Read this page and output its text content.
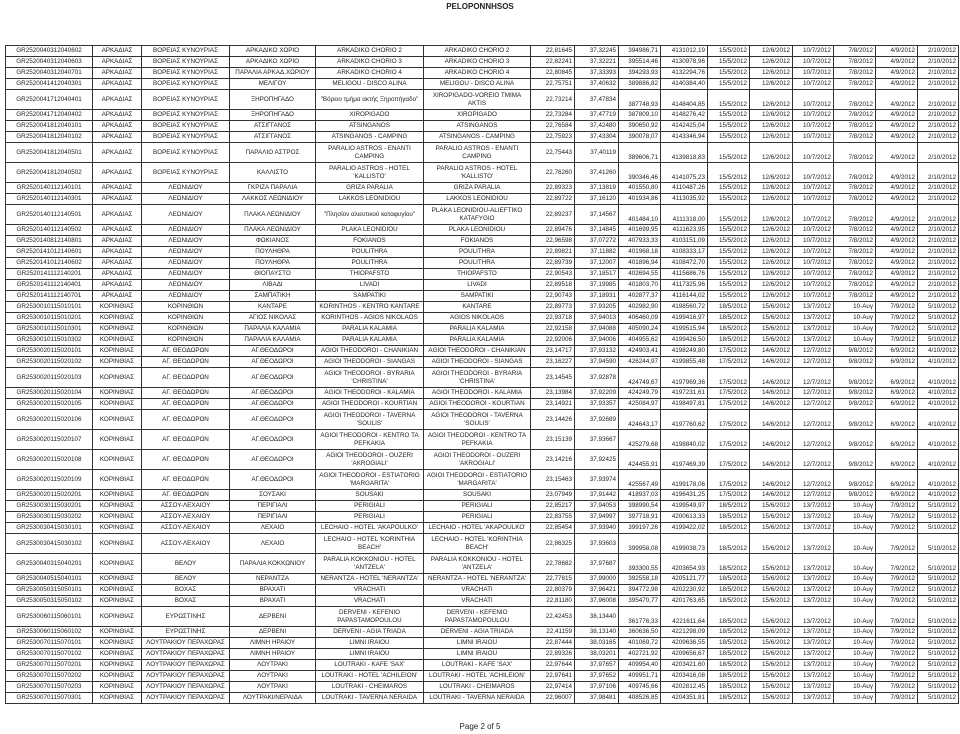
PELOPONNHSOS
GR2520040312040602	ΑΡΚΑΔΙΑΣ	ΒΟΡΕΙΑΣ ΚΥΝΟΥΡΙΑΣ	ΑΡΚΑΔΙΚΟ ΧΩΡΙΟ	ARKADIKO CHORIO 2	ARKADIKO CHORIO 2	22,81645	37,32245	394986,71	4131012,19	15/5/2012	12/6/2012	10/7/2012	7/8/2012	4/9/2012	2/10/2012
GR2520040312040603	ΑΡΚΑΔΙΑΣ	ΒΟΡΕΙΑΣ ΚΥΝΟΥΡΙΑΣ	ΑΡΚΑΔΙΚΟ ΧΩΡΙΟ	ARKADIKO CHORIO 3	ARKADIKO CHORIO 3	22,82241	37,32221	395514,46	4130978,96	15/5/2012	12/6/2012	10/7/2012	7/8/2012	4/9/2012	2/10/2012
GR2520040312040701	ΑΡΚΑΔΙΑΣ	ΒΟΡΕΙΑΣ ΚΥΝΟΥΡΙΑΣ	ΠΑΡΑΛΙΑ ΑΡΚΑΔ.ΧΩΡΙΟΥ	ARKADIKO CHORIO 4	ARKADIKO CHORIO 4	22,80845	37,33393	394293,93	4132294,76	15/5/2012	12/6/2012	10/7/2012	7/8/2012	4/9/2012	2/10/2012
GR2520041412040301	ΑΡΚΑΔΙΑΣ	ΒΟΡΕΙΑΣ ΚΥΝΟΥΡΙΑΣ	ΜΕΛΙΓΟΥ	MELIGOU - DISCO ALINA	MELIGOU - DISCO ALINA	22,75751	37,40632	389886,82	4140384,40	15/5/2012	12/6/2012	10/7/2012	7/8/2012	4/9/2012	2/10/2012
GR2520041712040401	ΑΡΚΑΔΙΑΣ	ΒΟΡΕΙΑΣ ΚΥΝΟΥΡΙΑΣ	ΞΗΡΟΠΗΓΑΔΟ	"Βόρειο τμήμα ακτής Ξηροπήγαδο"	XIROPIGADO-VOREIO TMIMA AKTIS	22,73214	37,47834	387748,93	4148404,85	15/5/2012	12/6/2012	10/7/2012	7/8/2012	4/9/2012	2/10/2012
GR2520041712040402	ΑΡΚΑΔΙΑΣ	ΒΟΡΕΙΑΣ ΚΥΝΟΥΡΙΑΣ	ΞΗΡΟΠΗΓΑΔΟ	XIROPIGADO	XIROPIGADO	22,73284	37,47719	387809,10	4148276,42	15/5/2012	12/6/2012	10/7/2012	7/8/2012	4/9/2012	2/10/2012
GR2520041812040101	ΑΡΚΑΔΙΑΣ	ΒΟΡΕΙΑΣ ΚΥΝΟΥΡΙΑΣ	ΑΤΣΙΓΓΑΝΟΣ	ATSINGANOS	ATSINGANOS	22,76584	37,42480	390650,92	4142425,04	15/5/2012	12/6/2012	10/7/2012	7/8/2012	4/9/2012	2/10/2012
GR2520041812040102	ΑΡΚΑΔΙΑΣ	ΒΟΡΕΙΑΣ ΚΥΝΟΥΡΙΑΣ	ΑΤΣΙΓΓΑΝΟΣ	ATSINGANOS - CAMPING	ATSINGANOS - CAMPING	22,75923	37,43304	390078,07	4143346,94	15/5/2012	12/6/2012	10/7/2012	7/8/2012	4/9/2012	2/10/2012
GR2520041812040501	ΑΡΚΑΔΙΑΣ	ΒΟΡΕΙΑΣ ΚΥΝΟΥΡΙΑΣ	ΠΑΡΑΛΙΟ ΑΣΤΡΟΣ	PARALIO ASTROS - ENANTI CAMPING	PARALIO ASTROS - ENANTI CAMPING	22,75443	37,40119	389606,71	4139818,83	15/5/2012	12/6/2012	10/7/2012	7/8/2012	4/9/2012	2/10/2012
GR2520041812040502	ΑΡΚΑΔΙΑΣ	ΒΟΡΕΙΑΣ ΚΥΝΟΥΡΙΑΣ	ΚΑΛΛΙΣΤΟ	PARALIO ASTROS - HOTEL 'KALLISTO'	PARALIO ASTROS - HOTEL 'KALLISTO'	22,76260	37,41260	390346,46	4141075,23	15/5/2012	12/6/2012	10/7/2012	7/8/2012	4/9/2012	2/10/2012
GR2520140112140101	ΑΡΚΑΔΙΑΣ	ΛΕΩΝΙΔΙΟΥ	ΓΚΡΙΖΑ ΠΑΡΑΛΙΑ	GRIZA PARALIA	GRIZA PARALIA	22,89323	37,13819	401550,80	4110487,26	15/5/2012	12/6/2012	10/7/2012	7/8/2012	4/9/2012	2/10/2012
GR2520140112140301	ΑΡΚΑΔΙΑΣ	ΛΕΩΝΙΔΙΟΥ	ΛΑΚΚΟΣ ΛΕΩΝΙΔΙΟΥ	LAKKOS LEONIDIOU	LAKKOS LEONIDIOU	22,89722	37,16120	401934,86	4113035,92	15/5/2012	12/6/2012	10/7/2012	7/8/2012	4/9/2012	2/10/2012
GR2520140112140501	ΑΡΚΑΔΙΑΣ	ΛΕΩΝΙΔΙΟΥ	ΠΛΑΚΑ ΛΕΩΝΙΔΙΟΥ	"Πλησίον αλιευτικού καταφυγίου"	PLAKA LEONIDIOU-ALIEFTIKO KATAFYGIO	22,89237	37,14567	401484,10	4111318,00	15/5/2012	12/6/2012	10/7/2012	7/8/2012	4/9/2012	2/10/2012
GR2520140112140502	ΑΡΚΑΔΙΑΣ	ΛΕΩΝΙΔΙΟΥ	ΠΛΑΚΑ ΛΕΩΝΙΔΙΟΥ	PLAKA LEONIDIOU	PLAKA LEONIDIOU	22,89476	37,14845	401699,95	4111623,95	15/5/2012	12/6/2012	10/7/2012	7/8/2012	4/9/2012	2/10/2012
GR2520140812140801	ΑΡΚΑΔΙΑΣ	ΛΕΩΝΙΔΙΟΥ	ΦΩΚΙΑΝΟΣ	FOKIANOS	FOKIANOS	22,96598	37,07272	407933,33	4103151,09	15/5/2012	12/6/2012	10/7/2012	7/8/2012	4/9/2012	2/10/2012
GR2520141012140601	ΑΡΚΑΔΙΑΣ	ΛΕΩΝΙΔΙΟΥ	ΠΟΥΛΗΘΡΑ	POULITHRA	POULITHRA	22,89821	37,11882	401968,18	4108333,17	15/5/2012	12/6/2012	10/7/2012	7/8/2012	4/9/2012	2/10/2012
GR2520141012140602	ΑΡΚΑΔΙΑΣ	ΛΕΩΝΙΔΙΟΥ	ΠΟΥΛΗΘΡΑ	POULITHRA	POULITHRA	22,89739	37,12007	401896,94	4108472,70	15/5/2012	12/6/2012	10/7/2012	7/8/2012	4/9/2012	2/10/2012
GR2520141112140201	ΑΡΚΑΔΙΑΣ	ΛΕΩΝΙΔΙΟΥ	ΘΙΟΠΑΥΣΤΟ	THIOPAFSTO	THIOPAFSTO	22,90543	37,18517	402694,55	4115686,76	15/5/2012	12/6/2012	10/7/2012	7/8/2012	4/9/2012	2/10/2012
GR2520141112140401	ΑΡΚΑΔΙΑΣ	ΛΕΩΝΙΔΙΟΥ	ΛΙΒΑΔΙ	LIVADI	LIVADI	22,89518	37,19985	401803,70	4117325,96	15/5/2012	12/6/2012	10/7/2012	7/8/2012	4/9/2012	2/10/2012
GR2520141112140701	ΑΡΚΑΔΙΑΣ	ΛΕΩΝΙΔΙΟΥ	ΣΑΜΠΑΤΙΚΗ	SAMPATIKI	SAMPATIKI	22,90743	37,18931	402877,37	4116144,02	15/5/2012	12/6/2012	10/7/2012	7/8/2012	4/9/2012	2/10/2012
GR2530010115010101	ΚΟΡΙΝΘΙΑΣ	ΚΟΡΙΝΘΙΩΝ	ΚΑΝΤΑΡΕ	KORINTHOS - KENTRO KANTARE	KANTARE	22,89773	37,93205	402982,90	4198560,72	18/5/2012	15/6/2012	13/7/2012	10-Αυγ	7/9/2012	5/10/2012
GR2530010115010201	ΚΟΡΙΝΘΙΑΣ	ΚΟΡΙΝΘΙΩΝ	ΑΓΙΟΣ ΝΙΚΟΛΑΣ	KORINTHOS - AGIOS NIKOLAOS	AGIOS NIKOLAOS	22,93718	37,94013	406460,09	4199416,97	18/5/2012	15/6/2012	13/7/2012	10-Αυγ	7/9/2012	5/10/2012
GR2530010115010301	ΚΟΡΙΝΘΙΑΣ	ΚΟΡΙΝΘΙΩΝ	ΠΑΡΑΛΙΑ ΚΑΛΑΜΙΑ	PARALIA KALAMIA	PARALIA KALAMIA	22,92158	37,94088	405090,24	4199515,94	18/5/2012	15/6/2012	13/7/2012	10-Αυγ	7/9/2012	5/10/2012
GR2530010115010302	ΚΟΡΙΝΘΙΑΣ	ΚΟΡΙΝΘΙΩΝ	ΠΑΡΑΛΙΑ ΚΑΛΑΜΙΑ	PARALIA KALAMIA	PARALIA KALAMIA	22,92006	37,94006	404955,62	4199426,50	18/5/2012	15/6/2012	13/7/2012	10-Αυγ	7/9/2012	5/10/2012
GR2530020115020101	ΚΟΡΙΝΘΙΑΣ	ΑΓ. ΘΕΟΔΩΡΩΝ	ΑΓ.ΘΕΟΔΩΡΟΙ	AGIOI THEODOROI - CHANIKIAN	AGIOI THEODOROI - CHANIKIAN	23,14717	37,93132	424903,41	4198249,80	17/5/2012	14/6/2012	12/7/2012	9/8/2012	6/9/2012	4/10/2012
GR2530020115020102	ΚΟΡΙΝΘΙΑΣ	ΑΓ. ΘΕΟΔΩΡΩΝ	ΑΓ.ΘΕΟΔΩΡΟΙ	AGIOI THEODOROI - SIANGAS	AGIOI THEODOROI - SIANGAS	23,16227	37,94590	426244,97	4199855,48	17/5/2012	14/6/2012	12/7/2012	9/8/2012	6/9/2012	4/10/2012
GR2530020115020103	ΚΟΡΙΝΘΙΑΣ	ΑΓ. ΘΕΟΔΩΡΩΝ	ΑΓ.ΘΕΟΔΩΡΟΙ	AGIOI THEODOROI - BYRARIA 'CHRISTINA'	AGIOI THEODOROI - BYRARIA 'CHRISTINA'	23,14545	37,92878	424749,67	4197969,36	17/5/2012	14/6/2012	12/7/2012	9/8/2012	6/9/2012	4/10/2012
GR2530020115020104	ΚΟΡΙΝΘΙΑΣ	ΑΓ. ΘΕΟΔΩΡΩΝ	ΑΓ.ΘΕΟΔΩΡΟΙ	AGIOI THEODOROI - KALAMIA	AGIOI THEODOROI - KALAMIA	23,13984	37,92209	424249,79	4197231,61	17/5/2012	14/6/2012	12/7/2012	9/8/2012	6/9/2012	4/10/2012
GR2530020115020105	ΚΟΡΙΝΘΙΑΣ	ΑΓ. ΘΕΟΔΩΡΩΝ	ΑΓ.ΘΕΟΔΩΡΟΙ	AGIOI THEODOROI - KOURTIAN	AGIOI THEODOROI - KOURTIAN	23,14921	37,93357	425084,97	4198497,81	17/5/2012	14/6/2012	12/7/2012	9/8/2012	6/9/2012	4/10/2012
GR2530020115020106	ΚΟΡΙΝΘΙΑΣ	ΑΓ. ΘΕΟΔΩΡΩΝ	ΑΓ.ΘΕΟΔΩΡΟΙ	AGIOI THEODOROI - TAVERNA 'SOULIS'	AGIOI THEODOROI - TAVERNA 'SOULIS'	23,14426	37,92689	424643,17	4197760,62	17/5/2012	14/6/2012	12/7/2012	9/8/2012	6/9/2012	4/10/2012
GR2530020115020107	ΚΟΡΙΝΘΙΑΣ	ΑΓ. ΘΕΟΔΩΡΩΝ	ΑΓ.ΘΕΟΔΩΡΟΙ	AGIOI THEODOROI - KENTRO TA PEFKAKIA	AGIOI THEODOROI - KENTRO TA PEFKAKIA	23,15139	37,93667	425279,68	4198840,02	17/5/2012	14/6/2012	12/7/2012	9/8/2012	6/9/2012	4/10/2012
GR2530020115020108	ΚΟΡΙΝΘΙΑΣ	ΑΓ. ΘΕΟΔΩΡΩΝ	ΑΓ.ΘΕΟΔΩΡΟΙ	AGIOI THEODOROI - OUZERI 'AKROGIALI'	AGIOI THEODOROI - OUZERI 'AKROGIALI'	23,14216	37,92425	424455,91	4197469,39	17/5/2012	14/6/2012	12/7/2012	9/8/2012	6/9/2012	4/10/2012
GR2530020115020109	ΚΟΡΙΝΘΙΑΣ	ΑΓ. ΘΕΟΔΩΡΩΝ	ΑΓ.ΘΕΟΔΩΡΟΙ	AGIOI THEODOROI - ESTIATORIO 'MARGARITA'	AGIOI THEODOROI - ESTIATORIO 'MARGARITA'	23,15463	37,93974	425567,49	4199178,06	17/5/2012	14/6/2012	12/7/2012	9/8/2012	6/9/2012	4/10/2012
GR2530020115020201	ΚΟΡΙΝΘΙΑΣ	ΑΓ. ΘΕΟΔΩΡΩΝ	ΣΟΥΣΑΚΙ	SOUSAKI	SOUSAKI	23,07949	37,91442	418937,03	4196431,25	17/5/2012	14/6/2012	12/7/2012	9/8/2012	6/9/2012	4/10/2012
GR2530030115030201	ΚΟΡΙΝΘΙΑΣ	ΑΣΣΟΥ-ΛΕΧΑΙΟΥ	ΠΕΡΙΓΙΑΛΙ	PERIGIALI	PERIGIALI	22,85217	37,94053	398990,54	4199549,97	18/5/2012	15/6/2012	13/7/2012	10-Αυγ	7/9/2012	5/10/2012
GR2530030115030202	ΚΟΡΙΝΘΙΑΣ	ΑΣΣΟΥ-ΛΕΧΑΙΟΥ	ΠΕΡΙΓΙΑΛΙ	PERIGIALI	PERIGIALI	22,83755	37,94997	397718,91	4200613,33	18/5/2012	15/6/2012	13/7/2012	10-Αυγ	7/9/2012	5/10/2012
GR2530030415030101	ΚΟΡΙΝΘΙΑΣ	ΑΣΣΟΥ-ΛΕΧΑΙΟΥ	ΛΕΧΑΙΟ	LECHAIO - HOTEL 'AKAPOULKO'	LECHAIO - HOTEL 'AKAPOULKO'	22,85454	37,93940	399197,26	4199422,02	18/5/2012	15/6/2012	13/7/2012	10-Αυγ	7/9/2012	5/10/2012
GR2530030415030102	ΚΟΡΙΝΘΙΑΣ	ΑΣΣΟΥ-ΛΕΧΑΙΟΥ	ΛΕΧΑΙΟ	LECHAIO - HOTEL 'KORINTHIA BEACH'	LECHAIO - HOTEL 'KORINTHIA BEACH'	22,86325	37,93603	399958,08	4199038,73	18/5/2012	15/6/2012	13/7/2012	10-Αυγ	7/9/2012	5/10/2012
GR2530040315040201	ΚΟΡΙΝΘΙΑΣ	ΒΕΛΟΥ	ΠΑΡΑΛΙΑ ΚΟΚΚΩΝΙΟΥ	PARALIA KOKKONIOU - HOTEL 'ANTZELA'	PARALIA KOKKONIOU - HOTEL 'ANTZELA'	22,78682	37,97687	393300,55	4203654,93	18/5/2012	15/6/2012	13/7/2012	10-Αυγ	7/9/2012	5/10/2012
GR2530040515040101	ΚΟΡΙΝΘΙΑΣ	ΒΕΛΟΥ	ΝΕΡΑΝΤΖΑ	NERANTZA - HOTEL 'NERANTZA'	NERANTZA - HOTEL 'NERANTZA'	22,77815	37,99000	392558,18	4205121,77	18/5/2012	15/6/2012	13/7/2012	10-Αυγ	7/9/2012	5/10/2012
GR2530050315050101	ΚΟΡΙΝΘΙΑΣ	ΒΟΧΑΣ	ΒΡΑΧΑΤΙ	VRACHATI	VRACHATI	22,80379	37,96421	394772,98	4202230,92	18/5/2012	15/6/2012	13/7/2012	10-Αυγ	7/9/2012	5/10/2012
GR2530050315050102	ΚΟΡΙΝΘΙΑΣ	ΒΟΧΑΣ	ΒΡΑΧΑΤΙ	VRACHATI	VRACHATI	22,81180	37,96008	395470,77	4201763,65	18/5/2012	15/6/2012	13/7/2012	10-Αυγ	7/9/2012	5/10/2012
GR2530060115060101	ΚΟΡΙΝΘΙΑΣ	ΕΥΡΩΣΤΙΝΗΣ	ΔΕΡΒΕΝΙ	DERVENI - KEFENIO PAPASTAMOPOULOU	DERVENI - KEFENIO PAPASTAMOPOULOU	22,42453	38,13440	361776,33	4221611,64	18/5/2012	15/6/2012	13/7/2012	10-Αυγ	7/9/2012	5/10/2012
GR2530060115060102	ΚΟΡΙΝΘΙΑΣ	ΕΥΡΩΣΤΙΝΗΣ	ΔΕΡΒΕΝΙ	DERVENI - AGIA TRIADA	DERVENI - AGIA TRIADA	22,41159	38,13140	360636,50	4221298,09	18/5/2012	15/6/2012	13/7/2012	10-Αυγ	7/9/2012	5/10/2012
GR2530070115070101	ΚΟΡΙΝΘΙΑΣ	ΛΟΥΤΡΑΚΙΟΥ ΠΕΡΑΧΩΡΑΣ	ΛΙΜΝΗ ΗΡΑΙΟΥ	LIMNI IRAIOU	LIMNI IRAIOU	22,87444	38,03165	401069,72	4209636,55	18/5/2012	15/6/2012	13/7/2012	10-Αυγ	7/9/2012	5/10/2012
GR2530070115070102	ΚΟΡΙΝΘΙΑΣ	ΛΟΥΤΡΑΚΙΟΥ ΠΕΡΑΧΩΡΑΣ	ΛΙΜΝΗ ΗΡΑΙΟΥ	LIMNI IRAIOU	LIMNI IRAIOU	22,89326	38,03201	402721,92	4209656,67	18/5/2012	15/6/2012	13/7/2012	10-Αυγ	7/9/2012	5/10/2012
GR2530070115070201	ΚΟΡΙΝΘΙΑΣ	ΛΟΥΤΡΑΚΙΟΥ ΠΕΡΑΧΩΡΑΣ	ΛΟΥΤΡΑΚΙ	LOUTRAKI - KAFE 'SAX'	LOUTRAKI - KAFE 'SAX'	22,97644	37,97657	409954,40	4203421,60	18/5/2012	15/6/2012	13/7/2012	10-Αυγ	7/9/2012	5/10/2012
GR2530070115070202	ΚΟΡΙΝΘΙΑΣ	ΛΟΥΤΡΑΚΙΟΥ ΠΕΡΑΧΩΡΑΣ	ΛΟΥΤΡΑΚΙ	LOUTRAKI - HOTEL 'ACHILEION'	LOUTRAKI - HOTEL 'ACHILEION'	22,97641	37,97652	409951,71	4203416,08	18/5/2012	15/6/2012	13/7/2012	10-Αυγ	7/9/2012	5/10/2012
GR2530070115070203	ΚΟΡΙΝΘΙΑΣ	ΛΟΥΤΡΑΚΙΟΥ ΠΕΡΑΧΩΡΑΣ	ΛΟΥΤΡΑΚΙ	LOUTRAKI - CHEIMAROS	LOUTRAKI - CHEIMAROS	22,97414	37,97106	409745,66	4202812,45	18/5/2012	15/6/2012	13/7/2012	10-Αυγ	7/9/2012	5/10/2012
GR2530070115070301	ΚΟΡΙΝΘΙΑΣ	ΛΟΥΤΡΑΚΙΟΥ ΠΕΡΑΧΩΡΑΣ	ΛΟΥΤΡΑΚΙ/ΝΕΡΑΙΔΑ	LOUTRAKI - TAVERNA NERAIDA	LOUTRAKI - TAVERNA NERAIDA	22,96007	37,98481	408526,85	4204351,81	18/5/2012	15/6/2012	13/7/2012	10-Αυγ	7/9/2012	5/10/2012
Page 2 of 5
